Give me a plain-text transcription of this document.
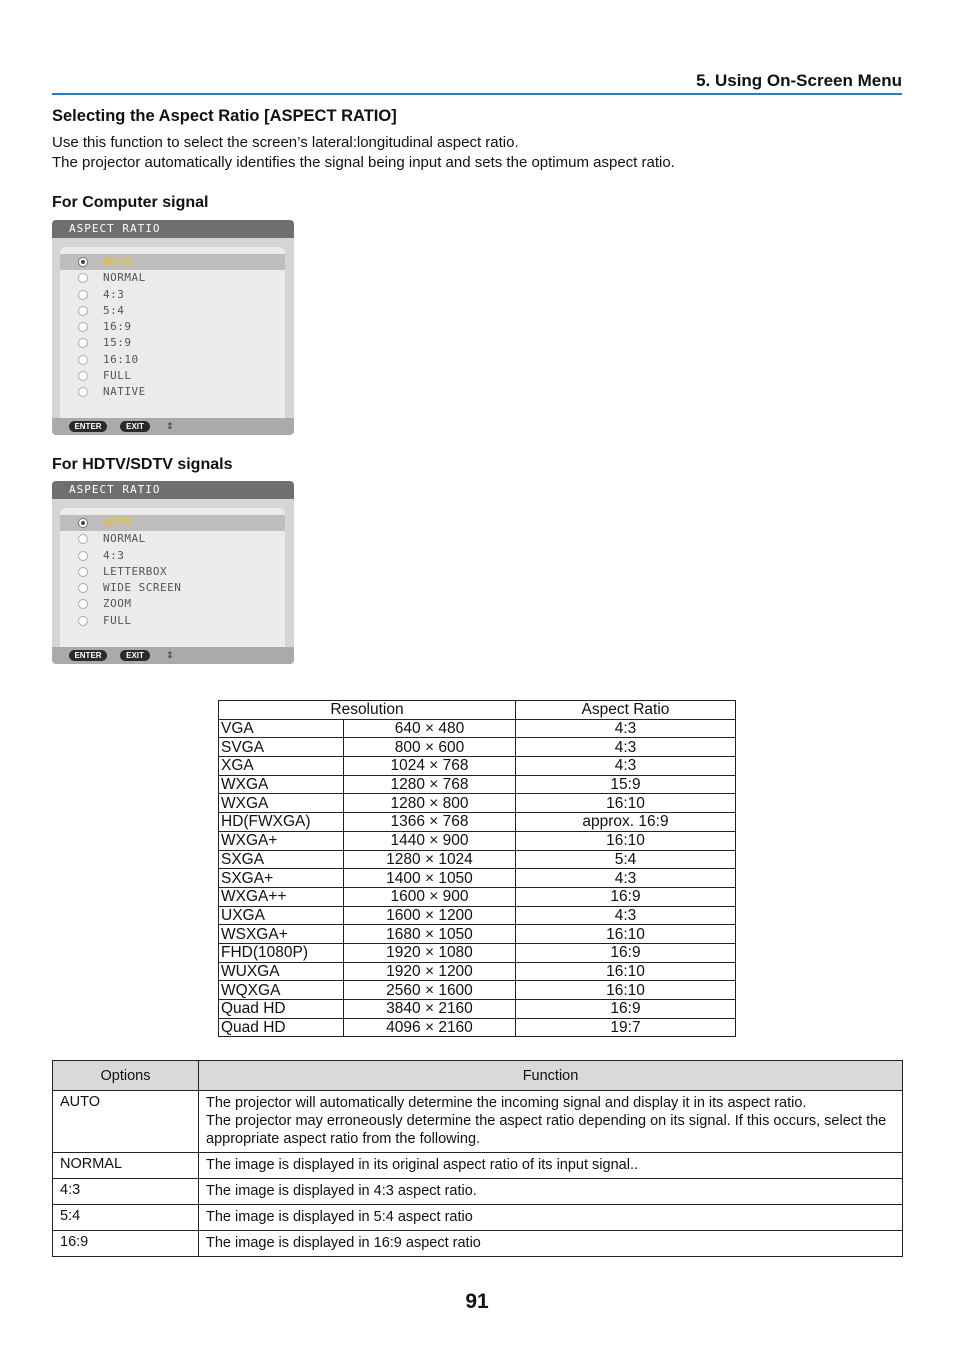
5. Using On-Screen Menu
Selecting the Aspect Ratio [ASPECT RATIO]
Use this function to select the screen’s lateral:longitudinal aspect ratio.
The projector automatically identifies the signal being input and sets the optimum aspect ratio.
For Computer signal
ASPECT RATIO
AUTO
NORMAL
4:3
5:4
16:9
15:9
16:10
FULL
NATIVE
ENTER	EXIT	⇕
For HDTV/SDTV signals
ASPECT RATIO
AUTO
NORMAL
4:3
LETTERBOX
WIDE SCREEN
ZOOM
FULL
ENTER	EXIT	⇕
Resolution		Aspect Ratio
VGA	640 × 480	4:3
SVGA	800 × 600	4:3
XGA	1024 × 768	4:3
WXGA	1280 × 768	15:9
WXGA	1280 × 800	16:10
HD(FWXGA)	1366 × 768	approx. 16:9
WXGA+	1440 × 900	16:10
SXGA	1280 × 1024	5:4
SXGA+	1400 × 1050	4:3
WXGA++	1600 × 900	16:9
UXGA	1600 × 1200	4:3
WSXGA+	1680 × 1050	16:10
FHD(1080P)	1920 × 1080	16:9
WUXGA	1920 × 1200	16:10
WQXGA	2560 × 1600	16:10
Quad HD	3840 × 2160	16:9
Quad HD	4096 × 2160	19:7
Options	Function
AUTO	The projector will automatically determine the incoming signal and display it in its aspect ratio.
The projector may erroneously determine the aspect ratio depending on its signal. If this occurs, select the appropriate aspect ratio from the following.

NORMAL	The image is displayed in its original aspect ratio of its input signal..

4:3	The image is displayed in 4:3 aspect ratio.

5:4	The image is displayed in 5:4 aspect ratio

16:9	The image is displayed in 16:9 aspect ratio
91
